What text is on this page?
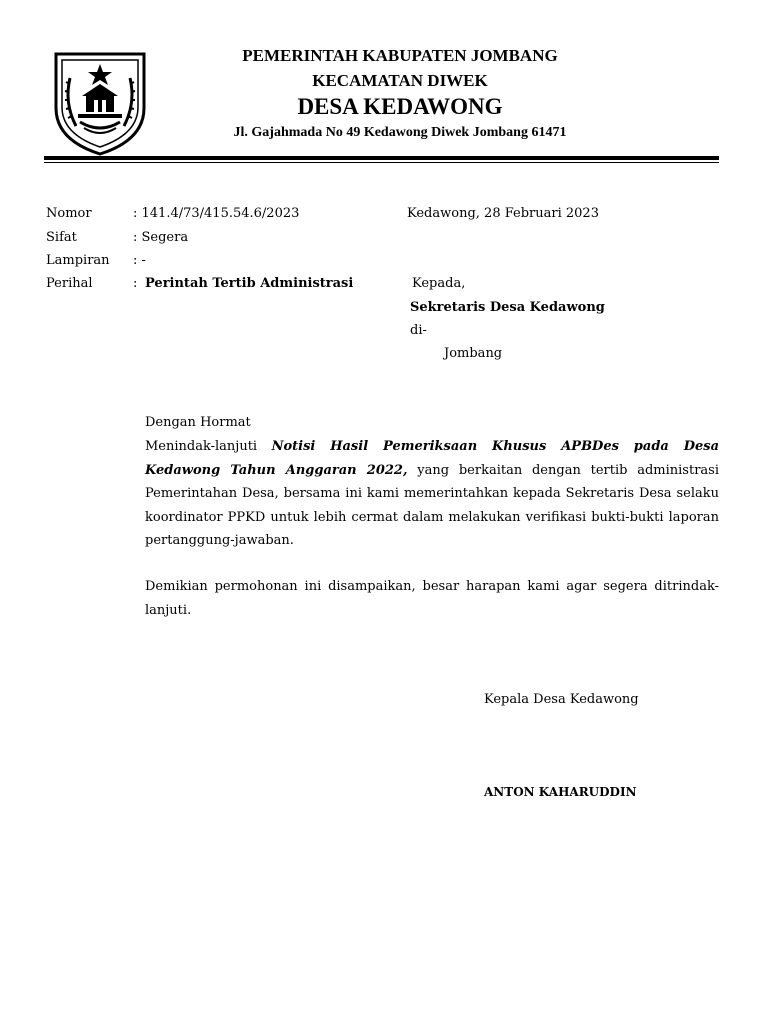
PEMERINTAH KABUPATEN JOMBANG
KECAMATAN DIWEK
DESA KEDAWONG
Jl. Gajahmada No 49 Kedawong Diwek Jombang 61471
Nomor	: 141.4/73/415.54.6/2023	Kedawong, 28 Februari 2023
Sifat	: Segera
Lampiran : -
Perihal	: Perintah Tertib Administrasi	Kepada,
Sekretaris Desa Kedawong
di-
Jombang
Dengan Hormat
Menindak-lanjuti Notisi Hasil Pemeriksaan Khusus APBDes pada Desa Kedawong Tahun Anggaran 2022, yang berkaitan dengan tertib administrasi Pemerintahan Desa, bersama ini kami memerintahkan kepada Sekretaris Desa selaku koordinator PPKD untuk lebih cermat dalam melakukan verifikasi bukti-bukti laporan pertanggung-jawaban.
Demikian permohonan ini disampaikan, besar harapan kami agar segera ditrindak-lanjuti.
Kepala Desa Kedawong
ANTON KAHARUDDIN
